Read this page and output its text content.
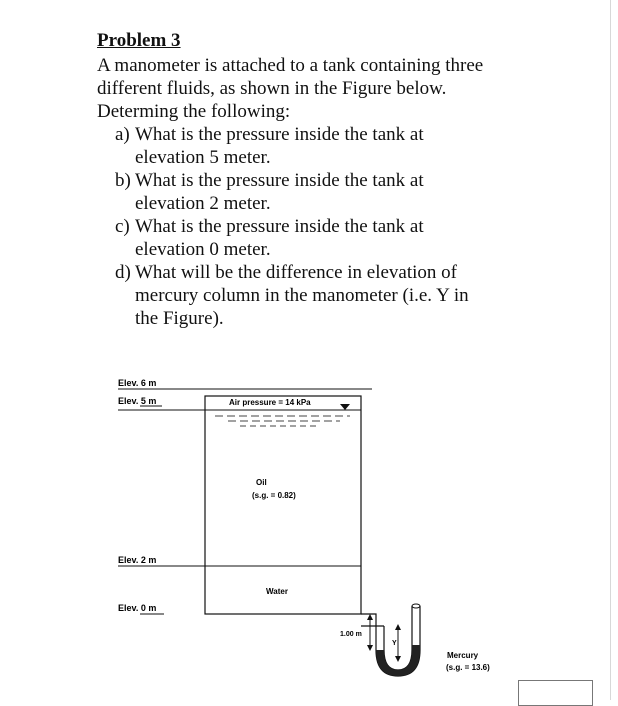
Problem 3

A manometer is attached to a tank containing three

different fluids, as shown in the Figure below.

Determing the following:

a) What is the pressure inside the tank at
elevation 5 meter.
b) What is the pressure inside the tank at
elevation 2 meter.
c) What is the pressure inside the tank at
elevation 0 meter.
d) What will be the difference in elevation of
mercury column in the manometer (i.e. Y in
the Figure).
Elev. 6 m
Elev. 5 m
Elev. 2 m
Elev. 0 m
Air pressure = 14 kPa
Oil
(s.g. = 0.82)
Water
1.00 m
Y
Mercury
(s.g. = 13.6)
